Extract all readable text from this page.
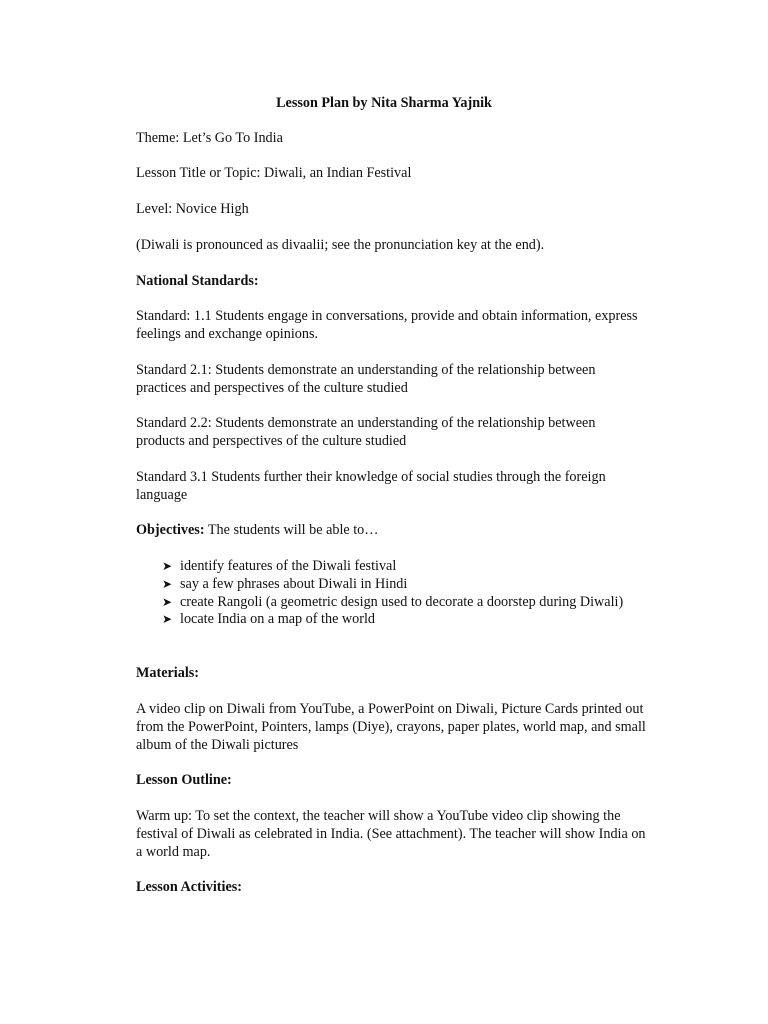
Lesson Plan by Nita Sharma Yajnik
Theme: Let’s Go To India
Lesson Title or Topic: Diwali, an Indian Festival
Level: Novice High
(Diwali is pronounced as divaalii; see the pronunciation key at the end).
National Standards:
Standard: 1.1 Students engage in conversations, provide and obtain information, express
feelings and exchange opinions.
Standard 2.1: Students demonstrate an understanding of the relationship between
practices and perspectives of the culture studied
Standard 2.2: Students demonstrate an understanding of the relationship between
products and perspectives of the culture studied
Standard 3.1 Students further their knowledge of social studies through the foreign
language
Objectives: The students will be able to…
➤ identify features of the Diwali festival
➤ say a few phrases about Diwali in Hindi
➤ create Rangoli (a geometric design used to decorate a doorstep during Diwali)
➤ locate India on a map of the world
Materials:
A video clip on Diwali from YouTube, a PowerPoint on Diwali, Picture Cards printed out
from the PowerPoint, Pointers, lamps (Diye), crayons, paper plates, world map, and small
album of the Diwali pictures
Lesson Outline:
Warm up: To set the context, the teacher will show a YouTube video clip showing the
festival of Diwali as celebrated in India. (See attachment). The teacher will show India on
a world map.
Lesson Activities:
